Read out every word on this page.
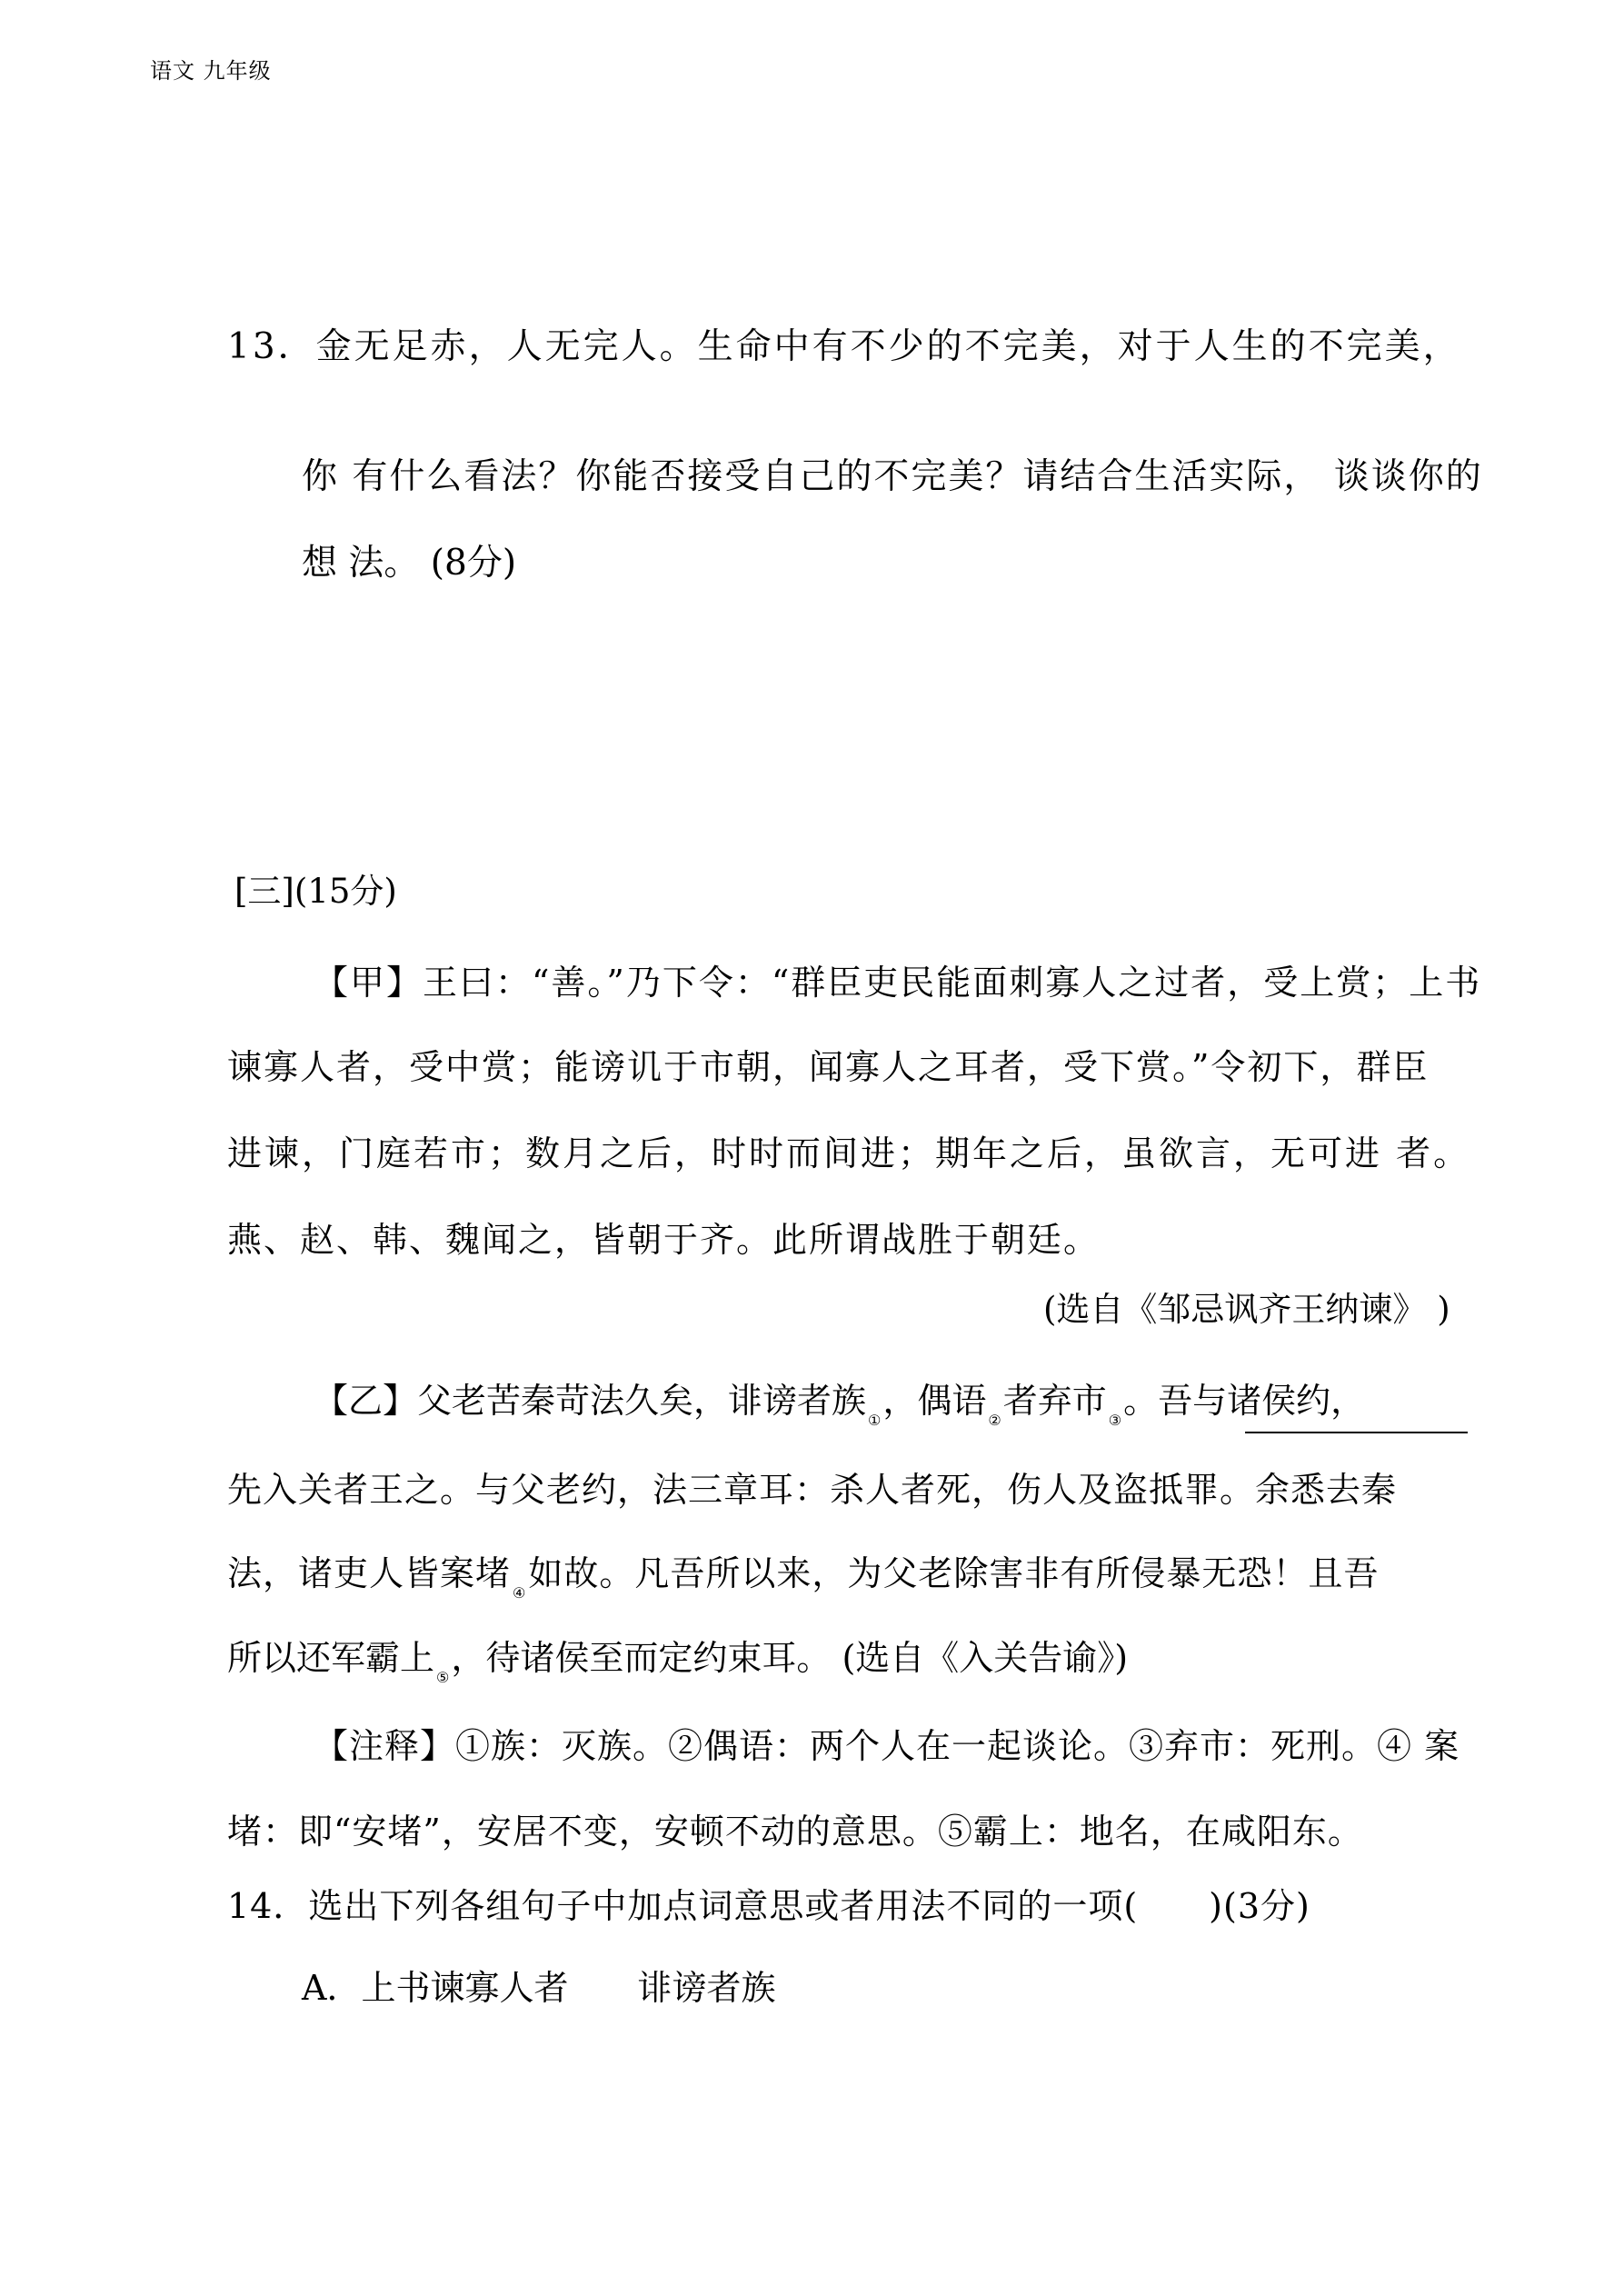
语文 九年级
13．金无足赤，人无完人。生命中有不少的不完美，对于人生的不完美，
你 有什么看法？你能否接受自己的不完美？请结合生活实际， 谈谈你的
想 法。 (8分)
[三](15分)
【甲】王曰：“善。”乃下令：“群臣吏民能面刺寡人之过者，受上赏；上书
谏寡人者，受中赏；能谤讥于市朝，闻寡人之耳者，受下赏。”令初下，群臣
进谏，门庭若市；数月之后，时时而间进；期年之后，虽欲言，无可进 者。
燕、赵、韩、魏闻之，皆朝于齐。此所谓战胜于朝廷。
(选自《邹忌讽齐王纳谏》 )
【乙】父老苦秦苛法久矣，诽谤者族 $_①$，偶语 $_②$者弃市 $_③$。吾与诸侯约，
先入关者王之。与父老约，法三章耳：杀人者死，伤人及盗抵罪。余悉去秦
法，诸吏人皆案堵 $_④$如故。凡吾所以来，为父老除害非有所侵暴无恐！且吾
所以还军霸上 $_⑤$，待诸侯至而定约束耳。 (选自《入关告谕》)
【注释】①族：灭族。②偶语：两个人在一起谈论。③弃市：死刑。④ 案
堵：即“安堵”，安居不变，安顿不动的意思。⑤霸上：地名，在咸阳东。
14．选出下列各组句子中加点词意思或者用法不同的一项(　　)(3分)
A．上书谏寡人者　　诽谤者族
